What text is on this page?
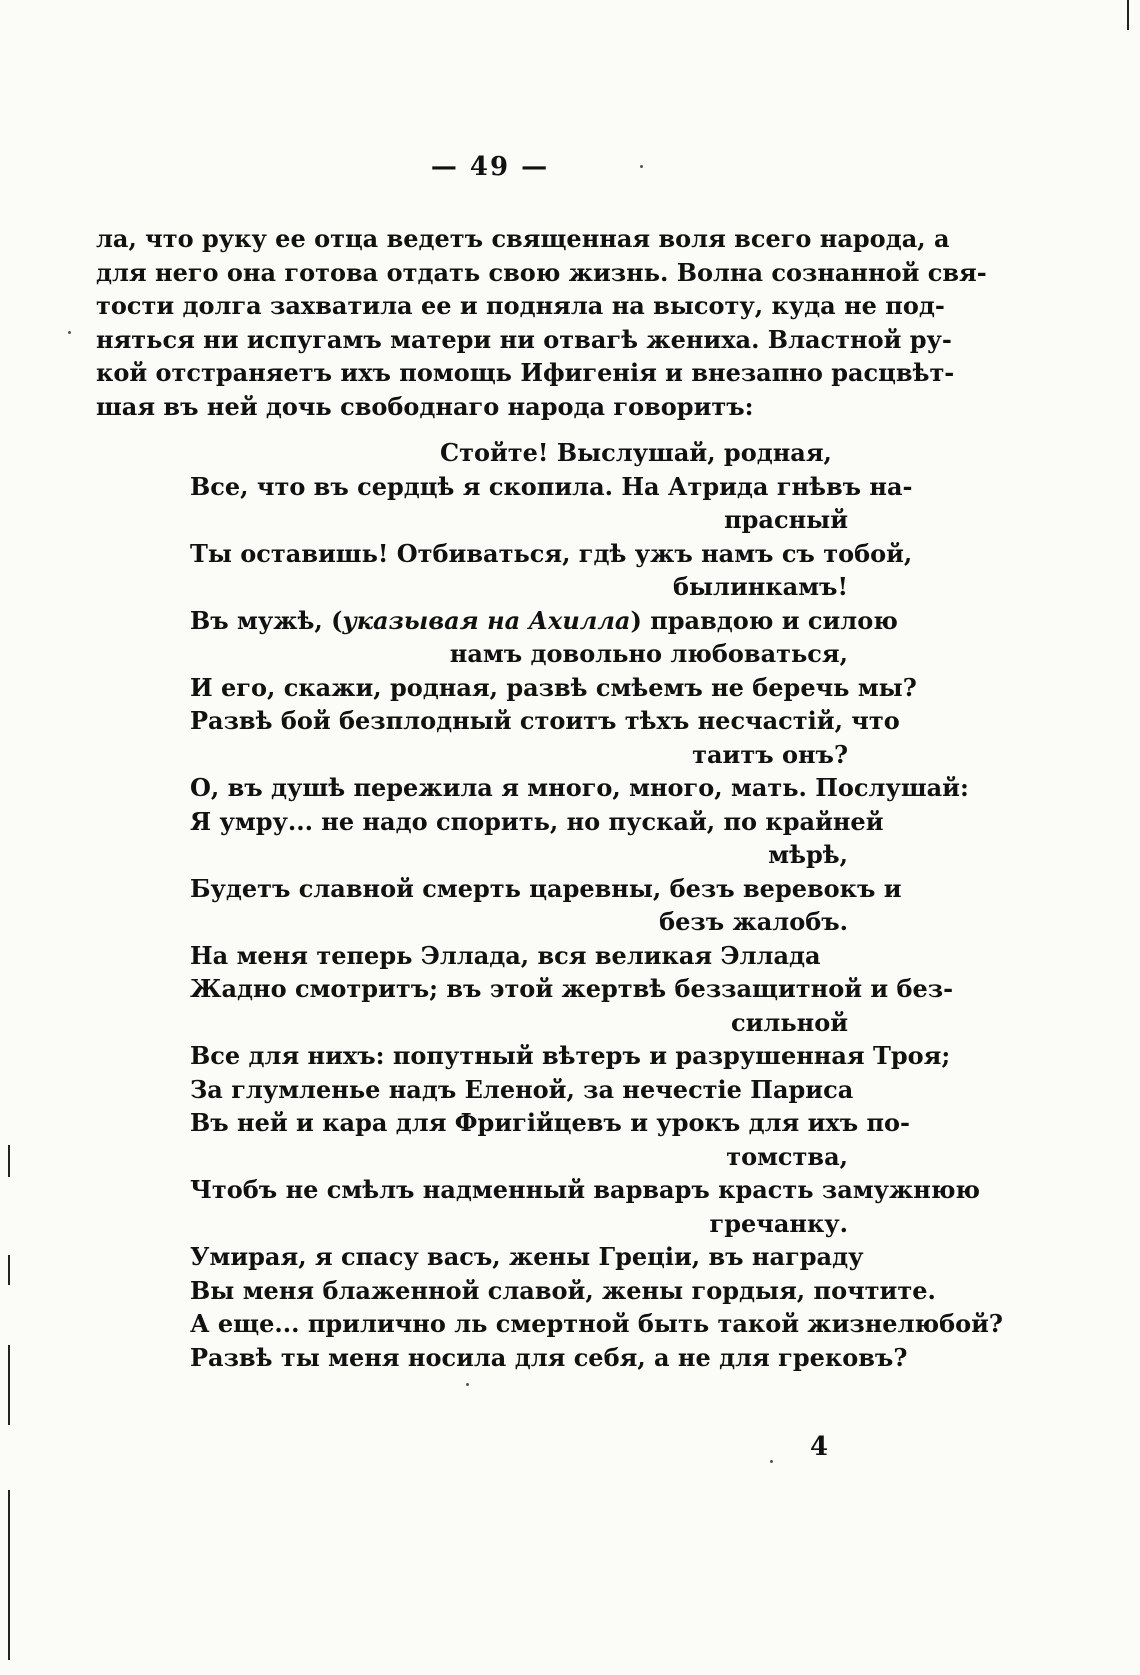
— 49 —
ла, что руку ее отца ведетъ священная воля всего народа, а
для него она готова отдать свою жизнь. Волна сознанной свя-
тости долга захватила ее и подняла на высоту, куда не под-
няться ни испугамъ матери ни отвагѣ жениха. Властной ру-
кой отстраняетъ ихъ помощь Ифигенія и внезапно расцвѣт-
шая въ ней дочь свободнаго народа говоритъ:
Стойте! Выслушай, родная,
Все, что въ сердцѣ я скопила. На Атрида гнѣвъ на-
прасный
Ты оставишь! Отбиваться, гдѣ ужъ намъ съ тобой,
былинкамъ!
Въ мужѣ, (указывая на Ахилла) правдою и силою
намъ довольно любоваться,
И его, скажи, родная, развѣ смѣемъ не беречь мы?
Развѣ бой безплодный стоитъ тѣхъ несчастій, что
таитъ онъ?
О, въ душѣ пережила я много, много, мать. Послушай:
Я умру... не надо спорить, но пускай, по крайней
мѣрѣ,
Будетъ славной смерть царевны, безъ веревокъ и
безъ жалобъ.
На меня теперь Эллада, вся великая Эллада
Жадно смотритъ; въ этой жертвѣ беззащитной и без-
сильной
Все для нихъ: попутный вѣтеръ и разрушенная Троя;
За глумленье надъ Еленой, за нечестіе Париса
Въ ней и кара для Фригійцевъ и урокъ для ихъ по-
томства,
Чтобъ не смѣлъ надменный варваръ красть замужнюю
гречанку.
Умирая, я спасу васъ, жены Греціи, въ награду
Вы меня блаженной славой, жены гордыя, почтите.
А еще... прилично ль смертной быть такой жизнелюбой?
Развѣ ты меня носила для себя, а не для грековъ?
4
